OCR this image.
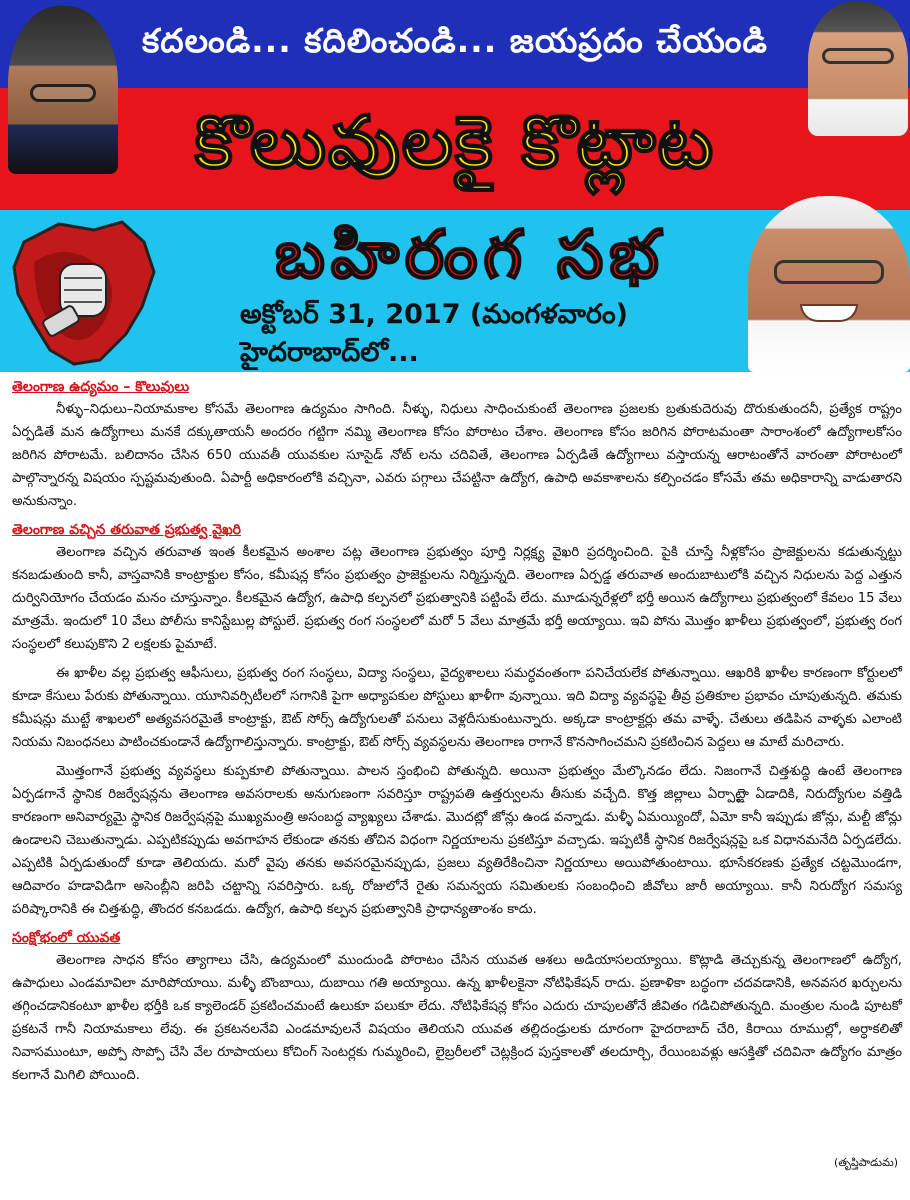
కదలండి... కదిలించండి... జయప్రదం చేయండి
కొలువులకై కొట్లాట
బహిరంగ సభ
అక్టోబర్ 31, 2017 (మంగళవారం) హైదరాబాద్‌లో...
తెలంగాణ ఉద్యమం – కొలువులు
నీళ్ళు–నిధులు–నియామకాల కోసమే తెలంగాణ ఉద్యమం సాగింది. నీళ్ళు, నిధులు సాధించుకుంటే తెలంగాణ ప్రజలకు బ్రతుకుదెరువు దొరుకుతుందనీ, ప్రత్యేక రాష్ట్రం ఏర్పడితే మన ఉద్యోగాలు మనకే దక్కుతాయనీ అందరం గట్టిగా నమ్మి తెలంగాణ కోసం పోరాటం చేశాం. తెలంగాణ కోసం జరిగిన పోరాటమంతా సారాంశంలో ఉద్యోగాలకోసం జరిగిన పోరాటమే. బలిదానం చేసిన 650 యువతీ యువకుల సూసైడ్ నోట్ లను చదివితే, తెలంగాణ ఏర్పడితే ఉద్యోగాలు వస్తాయన్న ఆరాటంతోనే వారంతా పోరాటంలో పాల్గొన్నారన్న విషయం స్పష్టమవుతుంది. ఏపార్టీ అధికారంలోకి వచ్చినా, ఎవరు పగ్గాలు చేపట్టినా ఉద్యోగ, ఉపాధి అవకాశాలను కల్పించడం కోసమే తమ అధికారాన్ని వాడుతారని అనుకున్నాం.
తెలంగాణ వచ్చిన తరువాత ప్రభుత్వ వైఖరి
తెలంగాణ వచ్చిన తరువాత ఇంత కీలకమైన అంశాల పట్ల తెలంగాణ ప్రభుత్వం పూర్తి నిర్లక్ష్య వైఖరి ప్రదర్శించింది. పైకి చూస్తే నీళ్లకోసం ప్రాజెక్టులను కడుతున్నట్టు కనబడుతుంది కానీ, వాస్తవానికి కాంట్రాక్టుల కోసం, కమీషన్ల కోసం ప్రభుత్వం ప్రాజెక్టులను నిర్మిస్తున్నది. తెలంగాణ ఏర్పడ్డ తరువాత అందుబాటులోకి వచ్చిన నిధులను పెద్ద ఎత్తున దుర్వినియోగం చేయడం మనం చూస్తున్నాం. కీలకమైన ఉద్యోగ, ఉపాధి కల్పనలో ప్రభుత్వానికి పట్టింపే లేదు. మూడున్నరేళ్లలో భర్తీ అయిన ఉద్యోగాలు ప్రభుత్వంలో కేవలం 15 వేలు మాత్రమే. ఇందులో 10 వేలు పోలీసు కానిస్టేబుల్ల పోస్టులే. ప్రభుత్వ రంగ సంస్థలలో మరో 5 వేలు మాత్రమే భర్తీ అయ్యాయి. ఇవి పోను మొత్తం ఖాళీలు ప్రభుత్వంలో, ప్రభుత్వ రంగ సంస్థలలో కలుపుకొని 2 లక్షలకు పైమాటే.
ఈ ఖాళీల వల్ల ప్రభుత్వ ఆఫీసులు, ప్రభుత్వ రంగ సంస్థలు, విద్యా సంస్థలు, వైద్యశాలలు సమర్ధవంతంగా పనిచేయలేక పోతున్నాయి. ఆఖరికి ఖాళీల కారణంగా కోర్టులలో కూడా కేసులు పేరుకు పోతున్నాయి. యూనివర్సిటీలలో సగానికి పైగా అధ్యాపకుల పోస్టులు ఖాళీగా వున్నాయి. ఇది విద్యా వ్యవస్థపై తీవ్ర ప్రతికూల ప్రభావం చూపుతున్నది. తమకు కమీషన్లు ముట్టే శాఖలలో అత్యవసరమైతే కాంట్రాక్టు, ఔట్ సోర్స్ ఉద్యోగులతో పనులు వెళ్లదీసుకుంటున్నారు. అక్కడా కాంట్రాక్టర్లు తమ వాళ్ళే. చేతులు తడిపిన వాళ్ళకు ఎలాంటి నియమ నిబంధనలు పాటించకుండానే ఉద్యోగాలిస్తున్నారు. కాంట్రాక్టు, ఔట్ సోర్స్ వ్యవస్థలను తెలంగాణ రాగానే కొనసాగించమని ప్రకటించిన పెద్దలు ఆ మాటే మరిచారు.
మొత్తంగానే ప్రభుత్వ వ్యవస్థలు కుప్పకూలి పోతున్నాయి. పాలన స్తంభించి పోతున్నది. అయినా ప్రభుత్వం మేల్కొనడం లేదు. నిజంగానే చిత్తశుద్ధి ఉంటే తెలంగాణ ఏర్పడగానే స్థానిక రిజర్వేషన్లను తెలంగాణ అవసరాలకు అనుగుణంగా సవరిస్తూ రాష్ట్రపతి ఉత్తర్వులను తీసుకు వచ్చేది. కొత్త జిల్లాలు ఏర్పాట్లైా ఏడాదికి, నిరుద్యోగుల వత్తిడి కారణంగా అనివార్యమై స్థానిక రిజర్వేషన్లపై ముఖ్యమంత్రి అసంబద్ధ వ్యాఖ్యలు చేశాడు. మొదట్లో జోన్లు ఉండ వన్నాడు. మళ్ళీ ఏమయ్యిందో, ఏమో కానీ ఇప్పుడు జోన్లు, మల్టీ జోన్లు ఉండాలని చెబుతున్నాడు. ఎప్పటికప్పుడు అవగాహన లేకుండా తనకు తోచిన విధంగా నిర్ణయాలను ప్రకటిస్తూ వచ్చాడు. ఇప్పటికీ స్థానిక రిజర్వేషన్లపై ఒక విధానమనేది ఏర్పడలేదు. ఎప్పటికి ఏర్పడుతుందో కూడా తెలియదు. మరో వైపు తనకు అవసరమైనప్పుడు, ప్రజలు వ్యతిరేకించినా నిర్ణయాలు అయిపోతుంటాయి. భూసేకరణకు ప్రత్యేక చట్టమొండగా, ఆదివారం హడావిడిగా అసెంబ్లీని జరిపి చట్టాన్ని సవరిస్తారు. ఒక్క రోజులోనే రైతు సమన్వయ సమితులకు సంబంధించి జీవోలు జారీ అయ్యాయి. కానీ నిరుద్యోగ సమస్య పరిష్కారానికి ఈ చిత్తశుద్ధి, తొందర కనబడదు. ఉద్యోగ, ఉపాధి కల్పన ప్రభుత్వానికి ప్రాధాన్యతాంశం కాదు.
సంక్షోభంలో యువత
తెలంగాణ సాధన కోసం త్యాగాలు చేసి, ఉద్యమంలో ముందుండి పోరాటం చేసిన యువత ఆశలు అడియాసలయ్యాయి. కొట్లాడి తెచ్చుకున్న తెలంగాణలో ఉద్యోగ, ఉపాధులు ఎండమావిలా మారిపోయాయి. మళ్ళీ బొంబాయి, దుబాయి గతి అయ్యాయి. ఉన్న ఖాళీలకైనా నోటిఫికేషన్ రాదు. ప్రణాళికా బద్ధంగా చదవడానికి, అనవసర ఖర్చులను తగ్గించడానికంటూ ఖాళీల భర్తీకి ఒక క్యాలెండర్ ప్రకటించమంటే ఉలుకూ పలుకూ లేదు. నోటిఫికేషన్ల కోసం ఎదురు చూపులతోనే జీవితం గడిచిపోతున్నది. మంత్రుల నుండి పూటకో ప్రకటనే గానీ నియామకాలు లేవు. ఈ ప్రకటనలనేవి ఎండమావులనే విషయం తెలియని యువత తల్లిదండ్రులకు దూరంగా హైదరాబాద్ చేరి, కిరాయి రూముల్లో, అర్ధాకలితో నివాసముంటూ, అప్పో సొప్పో చేసి వేల రూపాయలు కోచింగ్ సెంటర్లకు గుమ్మరించి, లైబ్రరీలలో చెట్లక్రింద పుస్తకాలతో తలదూర్చి, రేయింబవళ్లు ఆసక్తితో చదివినా ఉద్యోగం మాత్రం కలగానే మిగిలి పోయింది.
(తృప్తిపాడుమ)
